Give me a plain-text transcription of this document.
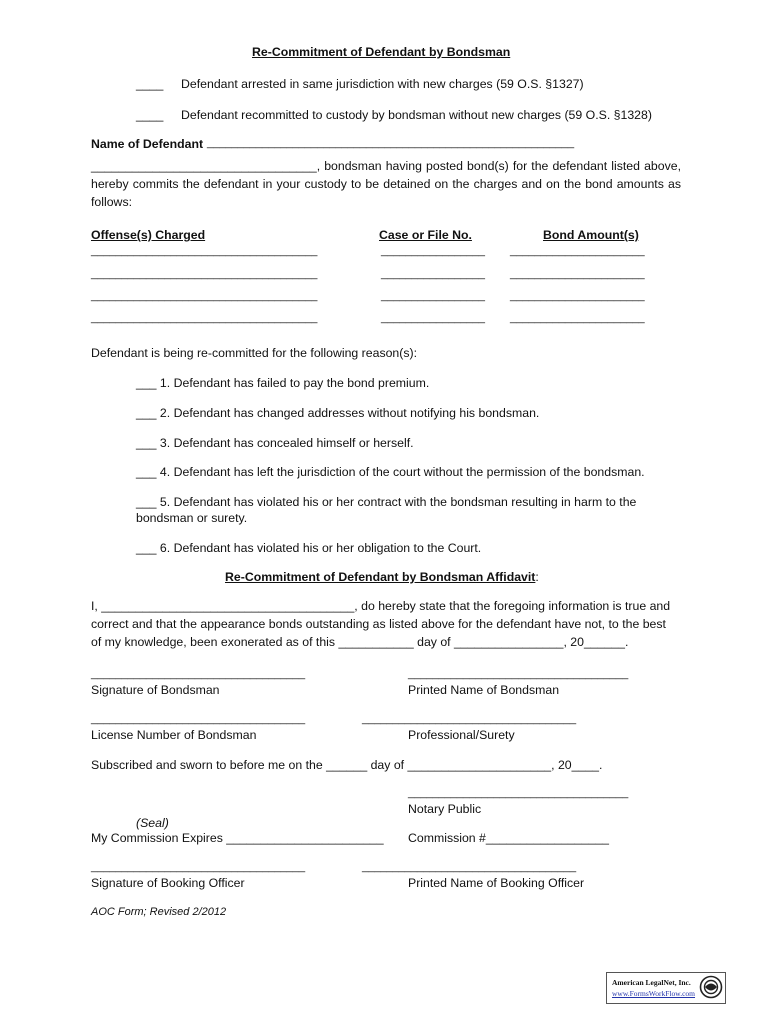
Re-Commitment of Defendant by Bondsman
____ Defendant arrested in same jurisdiction with new charges (59 O.S. §1327)
____ Defendant recommitted to custody by bondsman without new charges (59 O.S. §1328)
Name of Defendant ____________________________________________________________
_________________________________, bondsman having posted bond(s) for the defendant listed above, hereby commits the defendant in your custody to be detained on the charges and on the bond amounts as follows:
Offense(s) Charged	Case or File No.	Bond Amount(s)
_____________________________________	_________________ ______________________
_____________________________________	_________________ ______________________
_____________________________________	_________________ ______________________
_____________________________________	_________________ ______________________
Defendant is being re-committed for the following reason(s):
___ 1. Defendant has failed to pay the bond premium.
___ 2. Defendant has changed addresses without notifying his bondsman.
___ 3. Defendant has concealed himself or herself.
___ 4. Defendant has left the jurisdiction of the court without the permission of the bondsman.
___ 5. Defendant has violated his or her contract with the bondsman resulting in harm to the
bondsman or surety.
___ 6. Defendant has violated his or her obligation to the Court.
Re-Commitment of Defendant by Bondsman Affidavit:
I, _____________________________________, do hereby state that the foregoing information is true and
correct and that the appearance bonds outstanding as listed above for the defendant have not, to the best
of my knowledge, been exonerated as of this ___________ day of ________________, 20______.
___________________________________	____________________________________
Signature of Bondsman	Printed Name of Bondsman
___________________________________	___________________________________
License Number of Bondsman	Professional/Surety
Subscribed and sworn to before me on the ______ day of _____________________, 20____.
____________________________________
Notary Public
(Seal)
My Commission Expires _______________________ Commission #__________________
___________________________________	___________________________________
Signature of Booking Officer	Printed Name of Booking Officer
AOC Form; Revised 2/2012
American LegalNet, Inc.
www.FormsWorkFlow.com
